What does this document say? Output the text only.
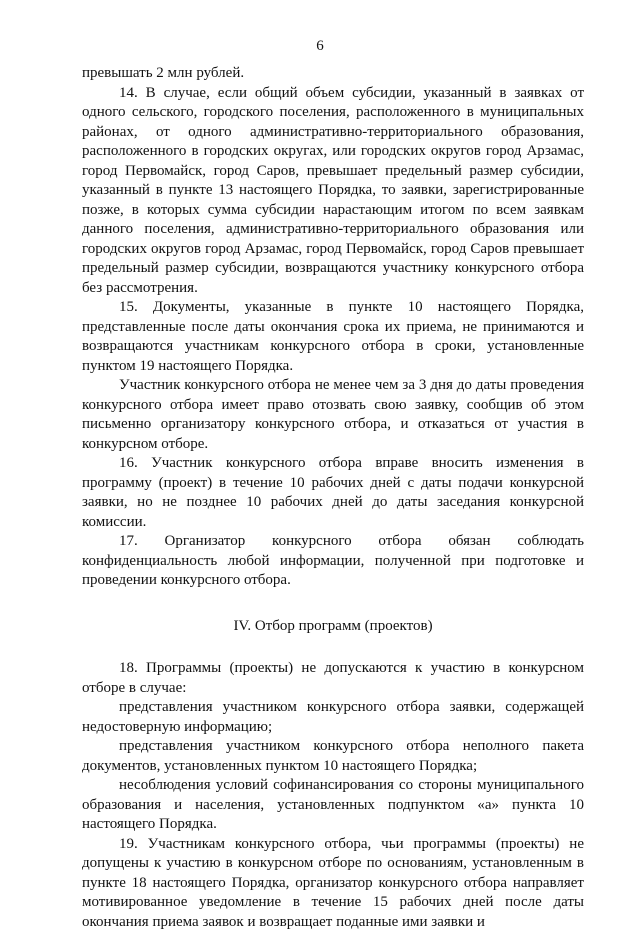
6

превышать 2 млн рублей.

14. В случае, если общий объем субсидии, указанный в заявках от одного сельского, городского поселения, расположенного в муниципальных районах, от одного административно-территориального образования, расположенного в городских округах, или городских округов город Арзамас, город Первомайск, город Саров, превышает предельный размер субсидии, указанный в пункте 13 настоящего Порядка, то заявки, зарегистрированные позже, в которых сумма субсидии нарастающим итогом по всем заявкам данного поселения, административно-территориального образования или городских округов город Арзамас, город Первомайск, город Саров превышает предельный размер субсидии, возвращаются участнику конкурсного отбора без рассмотрения.

15. Документы, указанные в пункте 10 настоящего Порядка, представленные после даты окончания срока их приема, не принимаются и возвращаются участникам конкурсного отбора в сроки, установленные пунктом 19 настоящего Порядка.

Участник конкурсного отбора не менее чем за 3 дня до даты проведения конкурсного отбора имеет право отозвать свою заявку, сообщив об этом письменно организатору конкурсного отбора, и отказаться от участия в конкурсном отборе.

16. Участник конкурсного отбора вправе вносить изменения в программу (проект) в течение 10 рабочих дней с даты подачи конкурсной заявки, но не позднее 10 рабочих дней до даты заседания конкурсной комиссии.

17. Организатор конкурсного отбора обязан соблюдать конфиденциальность любой информации, полученной при подготовке и проведении конкурсного отбора.

IV. Отбор программ (проектов)

18. Программы (проекты) не допускаются к участию в конкурсном отборе в случае:

представления участником конкурсного отбора заявки, содержащей недостоверную информацию;

представления участником конкурсного отбора неполного пакета документов, установленных пунктом 10 настоящего Порядка;

несоблюдения условий софинансирования со стороны муниципального образования и населения, установленных подпунктом «а» пункта 10 настоящего Порядка.

19. Участникам конкурсного отбора, чьи программы (проекты) не допущены к участию в конкурсном отборе по основаниям, установленным в пункте 18 настоящего Порядка, организатор конкурсного отбора направляет мотивированное уведомление в течение 15 рабочих дней после даты окончания приема заявок и возвращает поданные ими заявки и
